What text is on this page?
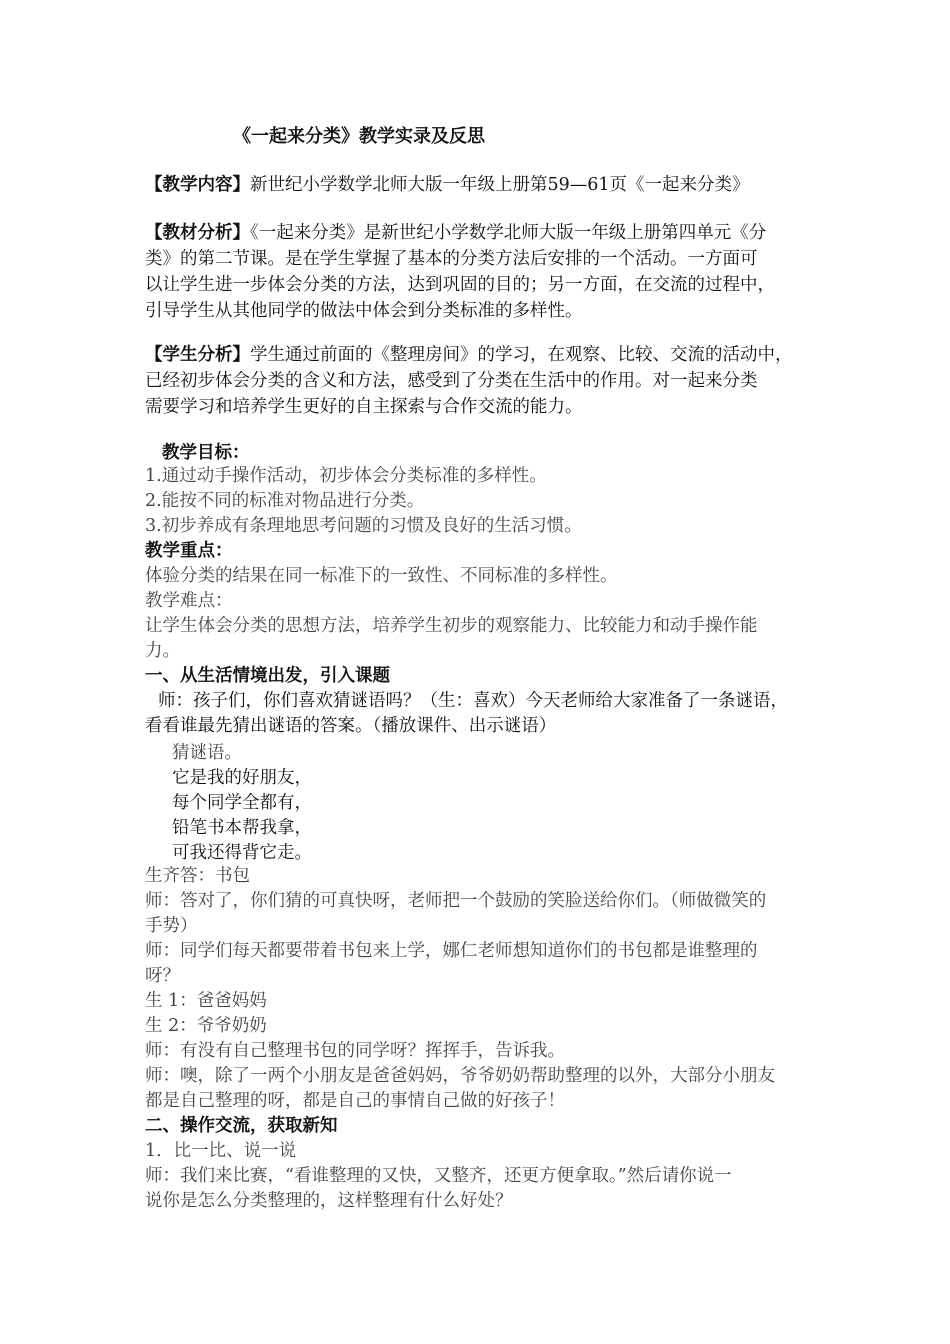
《一起来分类》教学实录及反思
【教学内容】新世纪小学数学北师大版一年级上册第59—61页《一起来分类》
【教材分析】《一起来分类》是新世纪小学数学北师大版一年级上册第四单元《分
类》的第二节课。是在学生掌握了基本的分类方法后安排的一个活动。一方面可
以让学生进一步体会分类的方法，达到巩固的目的；另一方面，在交流的过程中，
引导学生从其他同学的做法中体会到分类标准的多样性。
【学生分析】学生通过前面的《整理房间》的学习，在观察、比较、交流的活动中，
已经初步体会分类的含义和方法，感受到了分类在生活中的作用。对一起来分类
需要学习和培养学生更好的自主探索与合作交流的能力。
教学目标：
1.通过动手操作活动，初步体会分类标准的多样性。
2.能按不同的标准对物品进行分类。
3.初步养成有条理地思考问题的习惯及良好的生活习惯。
教学重点：
体验分类的结果在同一标准下的一致性、不同标准的多样性。
教学难点：
让学生体会分类的思想方法，培养学生初步的观察能力、比较能力和动手操作能
力。
一、从生活情境出发，引入课题
师：孩子们，你们喜欢猜谜语吗？（生：喜欢）今天老师给大家准备了一条谜语，
看看谁最先猜出谜语的答案。（播放课件、出示谜语）
猜谜语。
它是我的好朋友，
每个同学全都有，
铅笔书本帮我拿，
可我还得背它走。
生齐答：书包
师：答对了，你们猜的可真快呀，老师把一个鼓励的笑脸送给你们。（师做微笑的
手势）
师：同学们每天都要带着书包来上学，娜仁老师想知道你们的书包都是谁整理的
呀？
生 1：爸爸妈妈
生 2：爷爷奶奶
师：有没有自己整理书包的同学呀？挥挥手，告诉我。
师：噢，除了一两个小朋友是爸爸妈妈，爷爷奶奶帮助整理的以外，大部分小朋友
都是自己整理的呀，都是自己的事情自己做的好孩子！
二、操作交流，获取新知
1．比一比、说一说
师：我们来比赛，“看谁整理的又快，又整齐，还更方便拿取。”然后请你说一
说你是怎么分类整理的，这样整理有什么好处？
